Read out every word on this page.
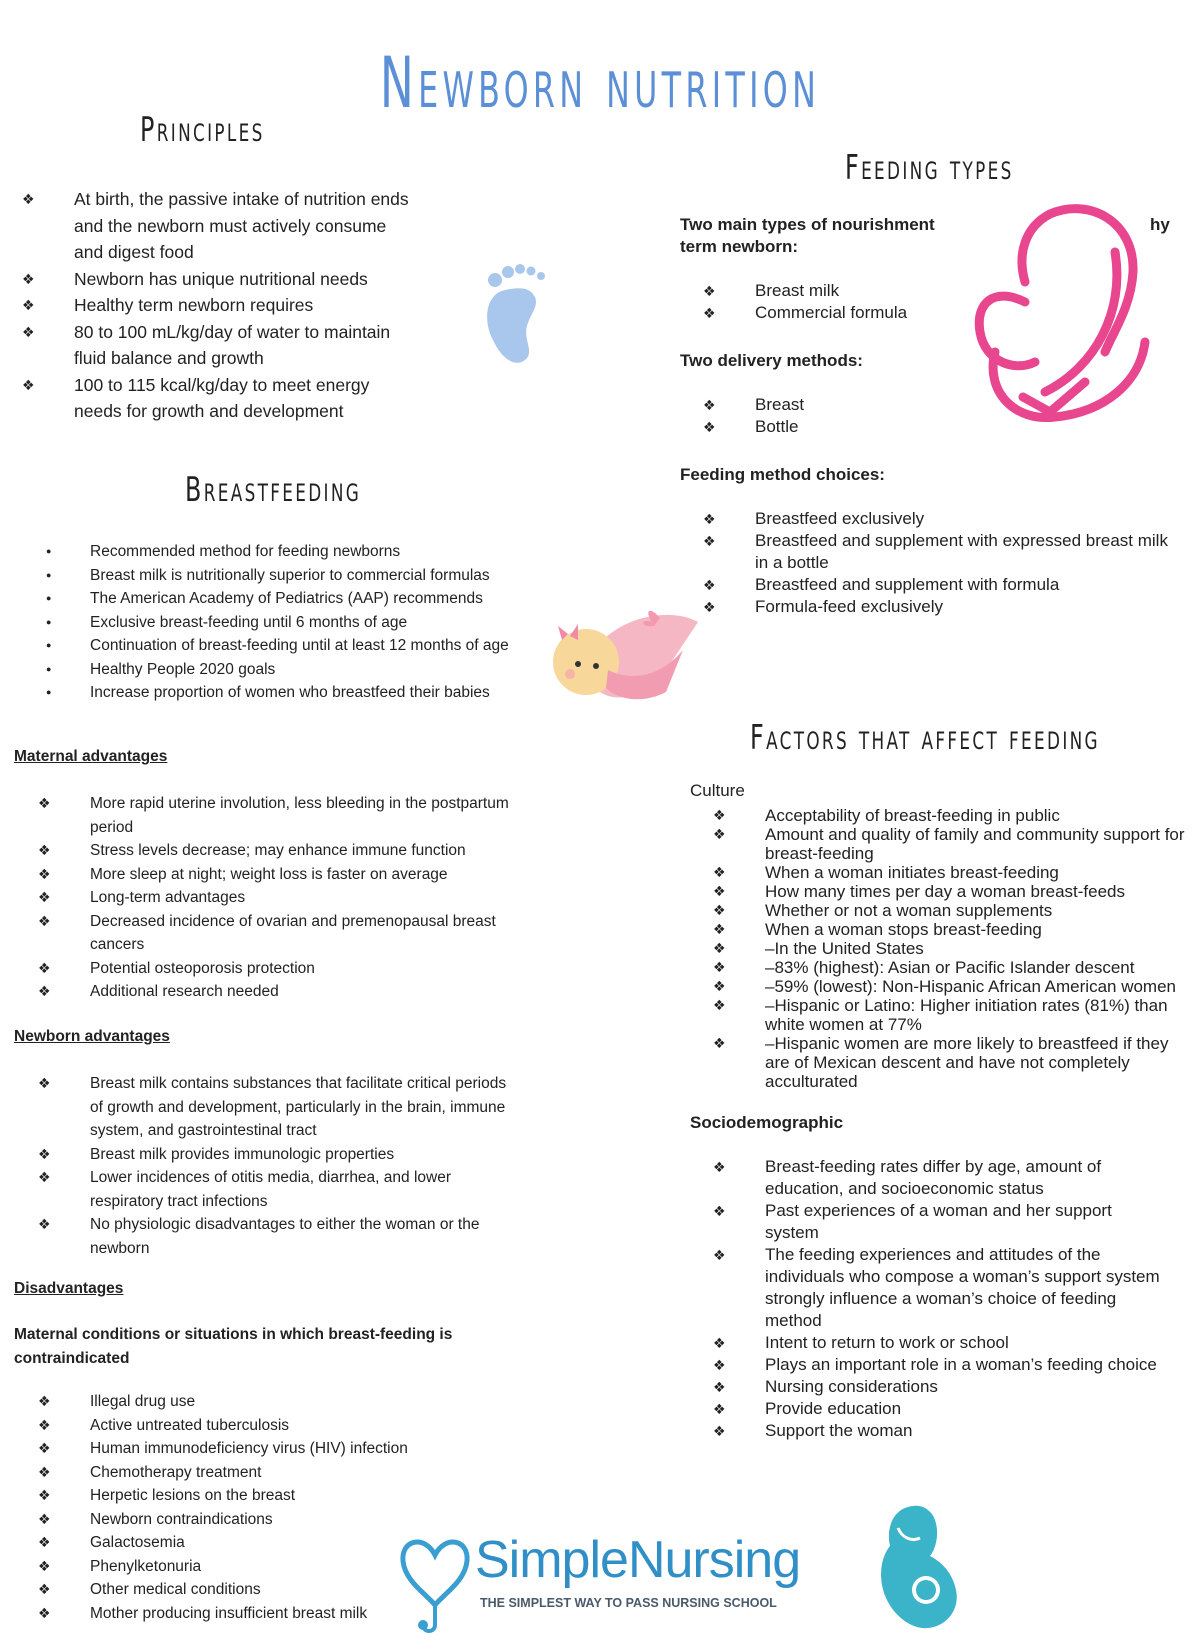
Newborn nutrition
Principles
❖ At birth, the passive intake of nutrition ends and the newborn must actively consume and digest food
❖ Newborn has unique nutritional needs
❖ Healthy term newborn requires
❖ 80 to 100 mL/kg/day of water to maintain fluid balance and growth
❖ 100 to 115 kcal/kg/day to meet energy needs for growth and development
Breastfeeding
● Recommended method for feeding newborns
● Breast milk is nutritionally superior to commercial formulas
● The American Academy of Pediatrics (AAP) recommends
● Exclusive breast-feeding until 6 months of age
● Continuation of breast-feeding until at least 12 months of age
● Healthy People 2020 goals
● Increase proportion of women who breastfeed their babies
Maternal advantages
❖ More rapid uterine involution, less bleeding in the postpartum period
❖ Stress levels decrease; may enhance immune function
❖ More sleep at night; weight loss is faster on average
❖ Long-term advantages
❖ Decreased incidence of ovarian and premenopausal breast cancers
❖ Potential osteoporosis protection
❖ Additional research needed
Newborn advantages
❖ Breast milk contains substances that facilitate critical periods of growth and development, particularly in the brain, immune system, and gastrointestinal tract
❖ Breast milk provides immunologic properties
❖ Lower incidences of otitis media, diarrhea, and lower respiratory tract infections
❖ No physiologic disadvantages to either the woman or the newborn
Disadvantages
Maternal conditions or situations in which breast-feeding is contraindicated
❖ Illegal drug use
❖ Active untreated tuberculosis
❖ Human immunodeficiency virus (HIV) infection
❖ Chemotherapy treatment
❖ Herpetic lesions on the breast
❖ Newborn contraindications
❖ Galactosemia
❖ Phenylketonuria
❖ Other medical conditions
❖ Mother producing insufficient breast milk
Feeding types
Two main types of nourishment	hy
term newborn:
❖ Breast milk
❖ Commercial formula
Two delivery methods:
❖ Breast
❖ Bottle
Feeding method choices:
❖ Breastfeed exclusively
❖ Breastfeed and supplement with expressed breast milk in a bottle
❖ Breastfeed and supplement with formula
❖ Formula-feed exclusively
Factors that affect feeding
Culture
❖ Acceptability of breast-feeding in public
❖ Amount and quality of family and community support for breast-feeding
❖ When a woman initiates breast-feeding
❖ How many times per day a woman breast-feeds
❖ Whether or not a woman supplements
❖ When a woman stops breast-feeding
❖ –In the United States
❖ –83% (highest): Asian or Pacific Islander descent
❖ –59% (lowest): Non-Hispanic African American women
❖ –Hispanic or Latino: Higher initiation rates (81%) than white women at 77%
❖ –Hispanic women are more likely to breastfeed if they are of Mexican descent and have not completely acculturated
Sociodemographic
❖ Breast-feeding rates differ by age, amount of education, and socioeconomic status
❖ Past experiences of a woman and her support system
❖ The feeding experiences and attitudes of the individuals who compose a woman’s support system strongly influence a woman’s choice of feeding method
❖ Intent to return to work or school
❖ Plays an important role in a woman’s feeding choice
❖ Nursing considerations
❖ Provide education
❖ Support the woman
SimpleNursing
THE SIMPLEST WAY TO PASS NURSING SCHOOL
